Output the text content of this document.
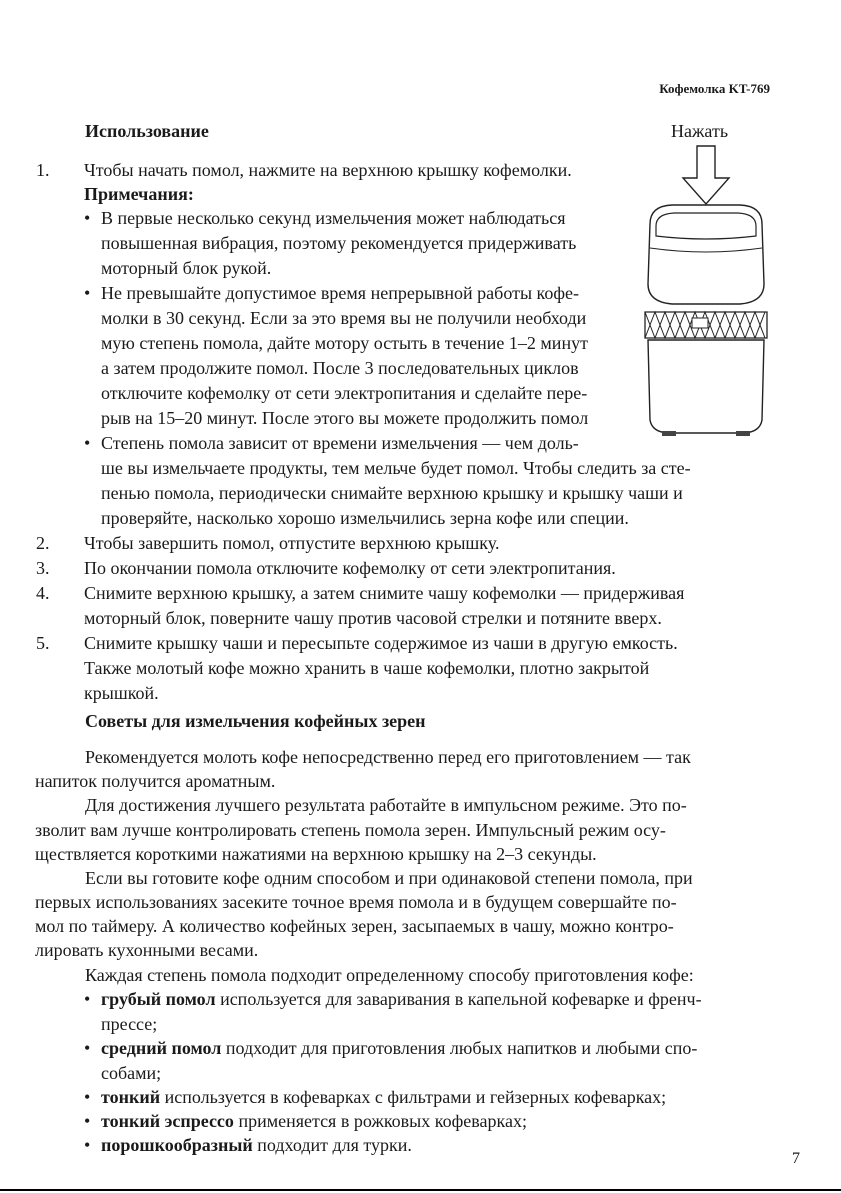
Кофемолка KT-769
Использование	Нажать
1. Чтобы начать помол, нажмите на верхнюю крышку кофемолки.
Примечания:
• В первые несколько секунд измельчения может наблюдаться
повышенная вибрация, поэтому рекомендуется придерживать
моторный блок рукой.
• Не превышайте допустимое время непрерывной работы кофе-
молки в 30 секунд. Если за это время вы не получили необходи
мую степень помола, дайте мотору остыть в течение 1–2 минут
а затем продолжите помол. После 3 последовательных циклов
отключите кофемолку от сети электропитания и сделайте пере-
рыв на 15–20 минут. После этого вы можете продолжить помол
• Степень помола зависит от времени измельчения — чем доль-
ше вы измельчаете продукты, тем мельче будет помол. Чтобы следить за сте-
пенью помола, периодически снимайте верхнюю крышку и крышку чаши и
проверяйте, насколько хорошо измельчились зерна кофе или специи.
2. Чтобы завершить помол, отпустите верхнюю крышку.
3. По окончании помола отключите кофемолку от сети электропитания.
4. Снимите верхнюю крышку, а затем снимите чашу кофемолки — придерживая
моторный блок, поверните чашу против часовой стрелки и потяните вверх.
5. Снимите крышку чаши и пересыпьте содержимое из чаши в другую емкость.
Также молотый кофе можно хранить в чаше кофемолки, плотно закрытой
крышкой.
Советы для измельчения кофейных зерен
Рекомендуется молоть кофе непосредственно перед его приготовлением — так
напиток получится ароматным.
Для достижения лучшего результата работайте в импульсном режиме. Это по-
зволит вам лучше контролировать степень помола зерен. Импульсный режим осу-
ществляется короткими нажатиями на верхнюю крышку на 2–3 секунды.
Если вы готовите кофе одним способом и при одинаковой степени помола, при
первых использованиях засеките точное время помола и в будущем совершайте по-
мол по таймеру. А количество кофейных зерен, засыпаемых в чашу, можно контро-
лировать кухонными весами.
Каждая степень помола подходит определенному способу приготовления кофе:
• грубый помол используется для заваривания в капельной кофеварке и френч-
прессе;
• средний помол подходит для приготовления любых напитков и любыми спо-
собами;
• тонкий используется в кофеварках с фильтрами и гейзерных кофеварках;
• тонкий эспрессо применяется в рожковых кофеварках;
• порошкообразный подходит для турки.
7
